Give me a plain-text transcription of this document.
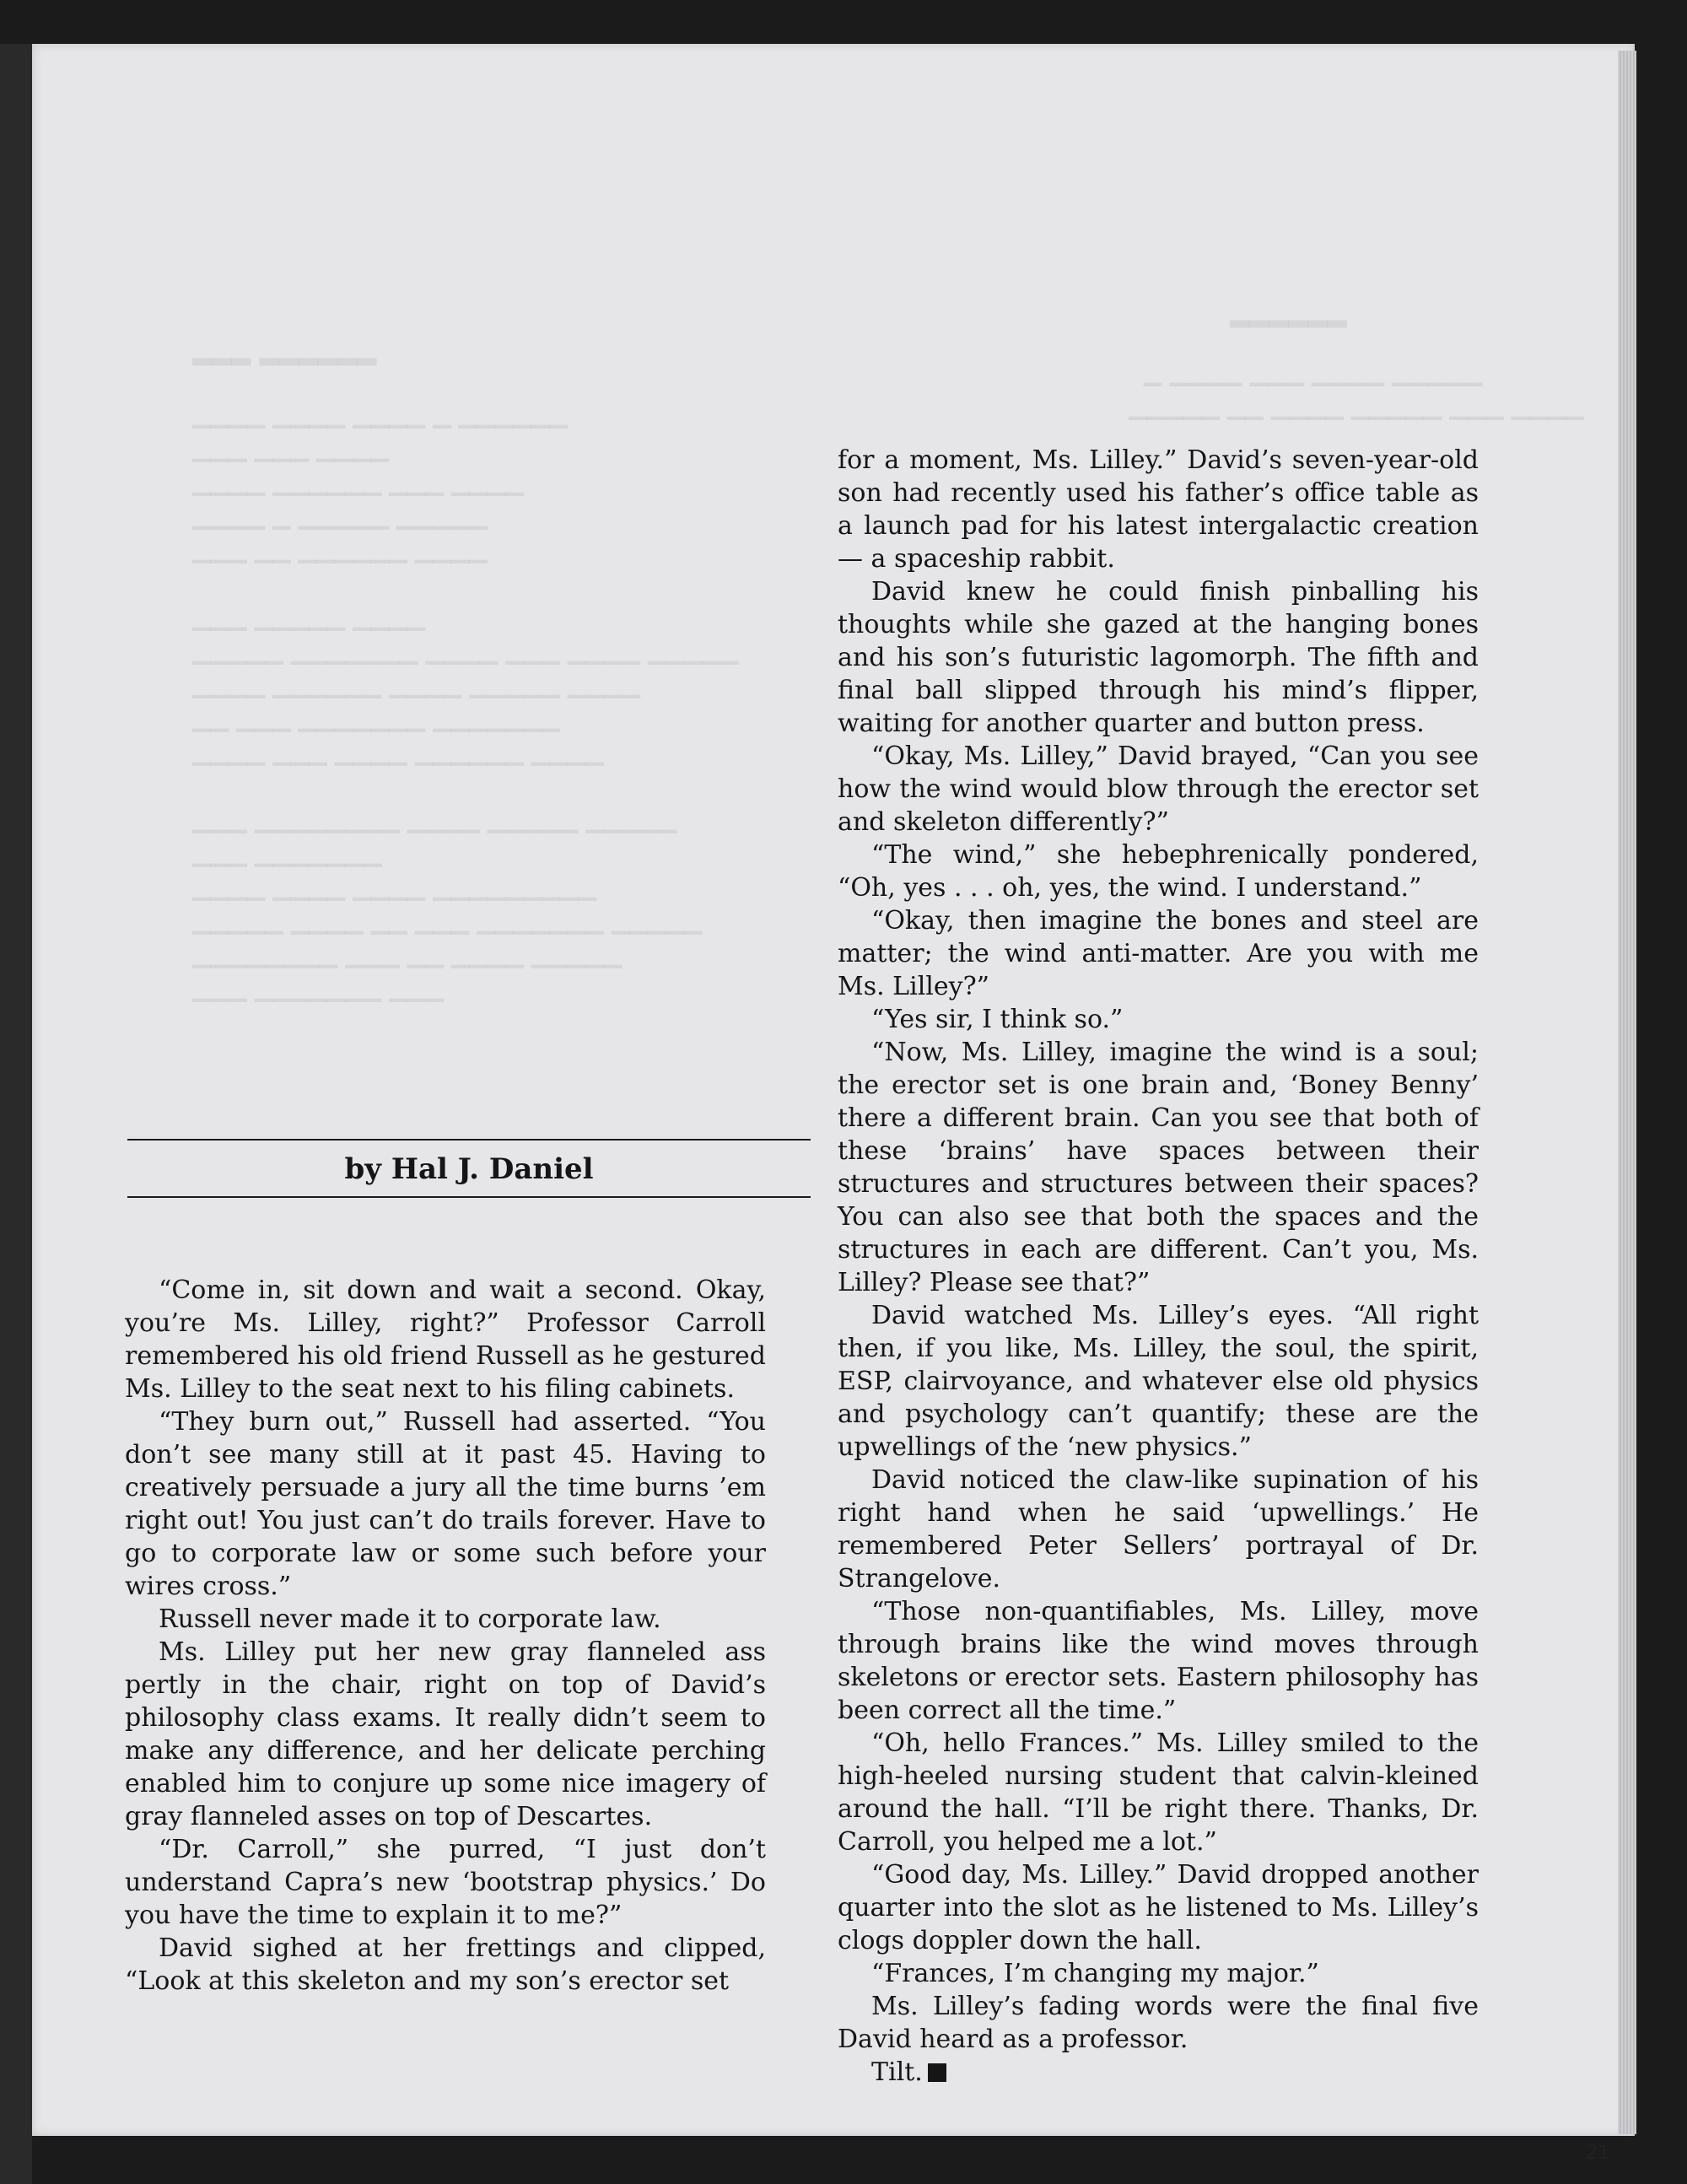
▂▂▂ ▂▂▂▂▂▂
▁▁▁▁ ▁▁▁▁ ▁▁▁▁ ▁ ▁▁▁▁▁▁
▁▁▁ ▁▁▁ ▁▁▁▁
▁▁▁▁ ▁▁▁▁▁▁ ▁▁▁ ▁▁▁▁
▁▁▁▁ ▁ ▁▁▁▁▁ ▁▁▁▁▁
▁▁▁ ▁▁ ▁▁▁▁▁▁ ▁▁▁▁

▁▁▁ ▁▁▁▁▁ ▁▁▁▁
▁▁▁▁▁ ▁▁▁▁▁▁▁ ▁▁▁▁ ▁▁▁ ▁▁▁▁ ▁▁▁▁▁
▁▁▁▁ ▁▁▁▁▁▁ ▁▁▁▁ ▁▁▁▁▁ ▁▁▁▁
▁▁ ▁▁▁ ▁▁▁▁▁▁▁ ▁▁▁▁▁▁▁
▁▁▁▁ ▁▁▁ ▁▁▁▁ ▁▁▁▁▁▁ ▁▁▁▁

▁▁▁ ▁▁▁▁▁▁▁▁ ▁▁▁▁ ▁▁▁▁▁ ▁▁▁▁▁
▁▁▁ ▁▁▁▁▁▁▁
▁▁▁▁ ▁▁▁▁ ▁▁▁▁ ▁▁▁▁▁▁▁▁▁
▁▁▁▁▁ ▁▁▁▁ ▁▁ ▁▁▁ ▁▁▁▁▁▁▁ ▁▁▁▁▁
▁▁▁▁▁▁▁▁ ▁▁▁ ▁▁ ▁▁▁▁ ▁▁▁▁▁
▁▁▁ ▁▁▁▁▁▁▁ ▁▁▁
▂▂▂▂▂▂
▁ ▁▁▁▁ ▁▁▁ ▁▁▁▁ ▁▁▁▁▁
▁▁▁▁▁ ▁▁ ▁▁▁▁ ▁▁▁▁▁ ▁▁▁ ▁▁▁▁
by Hal J. Daniel

“Come in, sit down and wait a second. Okay, you’re Ms. Lilley, right?” Professor Carroll remembered his old friend Russell as he gestured Ms. Lilley to the seat next to his filing cabinets.

“They burn out,” Russell had asserted. “You don’t see many still at it past 45. Having to creatively persuade a jury all the time burns ’em right out! You just can’t do trails forever. Have to go to corporate law or some such before your wires cross.”

Russell never made it to corporate law.

Ms. Lilley put her new gray flanneled ass pertly in the chair, right on top of David’s philosophy class exams. It really didn’t seem to make any difference, and her delicate perching enabled him to conjure up some nice imagery of gray flanneled asses on top of Descartes.

“Dr. Carroll,” she purred, “I just don’t understand Capra’s new ‘bootstrap physics.’ Do you have the time to explain it to me?”

David sighed at her frettings and clipped, “Look at this skeleton and my son’s erector set

for a moment, Ms. Lilley.” David’s seven-year-old son had recently used his father’s office table as a launch pad for his latest intergalactic creation — a spaceship rabbit.

David knew he could finish pinballing his thoughts while she gazed at the hanging bones and his son’s futuristic lagomorph. The fifth and final ball slipped through his mind’s flipper, waiting for another quarter and button press.

“Okay, Ms. Lilley,” David brayed, “Can you see how the wind would blow through the erector set and skeleton differently?”

“The wind,” she hebephrenically pondered, “Oh, yes . . . oh, yes, the wind. I understand.”

“Okay, then imagine the bones and steel are matter; the wind anti-matter. Are you with me Ms. Lilley?”

“Yes sir, I think so.”

“Now, Ms. Lilley, imagine the wind is a soul; the erector set is one brain and, ‘Boney Benny’ there a different brain. Can you see that both of these ‘brains’ have spaces between their structures and structures between their spaces? You can also see that both the spaces and the structures in each are different. Can’t you, Ms. Lilley? Please see that?”

David watched Ms. Lilley’s eyes. “All right then, if you like, Ms. Lilley, the soul, the spirit, ESP, clairvoyance, and whatever else old physics and psychology can’t quantify; these are the upwellings of the ‘new physics.”

David noticed the claw-like supination of his right hand when he said ‘upwellings.’ He remembered Peter Sellers’ portrayal of Dr. Strangelove.

“Those non-quantifiables, Ms. Lilley, move through brains like the wind moves through skeletons or erector sets. Eastern philosophy has been correct all the time.”

“Oh, hello Frances.” Ms. Lilley smiled to the high-heeled nursing student that calvin-kleined around the hall. “I’ll be right there. Thanks, Dr. Carroll, you helped me a lot.”

“Good day, Ms. Lilley.” David dropped another quarter into the slot as he listened to Ms. Lilley’s clogs doppler down the hall.

“Frances, I’m changing my major.”

Ms. Lilley’s fading words were the final five David heard as a professor.

Tilt.

21
